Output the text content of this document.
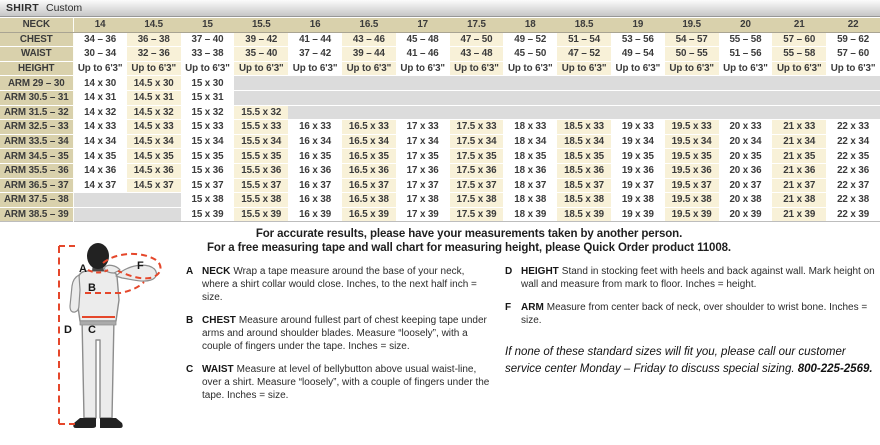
SHIRT Custom
NECK	14	14.5	15	15.5	16	16.5	17	17.5	18	18.5	19	19.5	20	21	22
CHEST	34 – 36	36 – 38	37 – 40	39 – 42	41 – 44	43 – 46	45 – 48	47 – 50	49 – 52	51 – 54	53 – 56	54 – 57	55 – 58	57 – 60	59 – 62
WAIST	30 – 34	32 – 36	33 – 38	35 – 40	37 – 42	39 – 44	41 – 46	43 – 48	45 – 50	47 – 52	49 – 54	50 – 55	51 – 56	55 – 58	57 – 60
HEIGHT	Up to 6'3"	Up to 6'3"	Up to 6'3"	Up to 6'3"	Up to 6'3"	Up to 6'3"	Up to 6'3"	Up to 6'3"	Up to 6'3"	Up to 6'3"	Up to 6'3"	Up to 6'3"	Up to 6'3"	Up to 6'3"	Up to 6'3"
ARM 29 – 30	14 x 30	14.5 x 30	15 x 30												
ARM 30.5 – 31	14 x 31	14.5 x 31	15 x 31												
ARM 31.5 – 32	14 x 32	14.5 x 32	15 x 32	15.5 x 32											
ARM 32.5 – 33	14 x 33	14.5 x 33	15 x 33	15.5 x 33	16 x 33	16.5 x 33	17 x 33	17.5 x 33	18 x 33	18.5 x 33	19 x 33	19.5 x 33	20 x 33	21 x 33	22 x 33
ARM 33.5 – 34	14 x 34	14.5 x 34	15 x 34	15.5 x 34	16 x 34	16.5 x 34	17 x 34	17.5 x 34	18 x 34	18.5 x 34	19 x 34	19.5 x 34	20 x 34	21 x 34	22 x 34
ARM 34.5 – 35	14 x 35	14.5 x 35	15 x 35	15.5 x 35	16 x 35	16.5 x 35	17 x 35	17.5 x 35	18 x 35	18.5 x 35	19 x 35	19.5 x 35	20 x 35	21 x 35	22 x 35
ARM 35.5 – 36	14 x 36	14.5 x 36	15 x 36	15.5 x 36	16 x 36	16.5 x 36	17 x 36	17.5 x 36	18 x 36	18.5 x 36	19 x 36	19.5 x 36	20 x 36	21 x 36	22 x 36
ARM 36.5 – 37	14 x 37	14.5 x 37	15 x 37	15.5 x 37	16 x 37	16.5 x 37	17 x 37	17.5 x 37	18 x 37	18.5 x 37	19 x 37	19.5 x 37	20 x 37	21 x 37	22 x 37
ARM 37.5 – 38			15 x 38	15.5 x 38	16 x 38	16.5 x 38	17 x 38	17.5 x 38	18 x 38	18.5 x 38	19 x 38	19.5 x 38	20 x 38	21 x 38	22 x 38
ARM 38.5 – 39			15 x 39	15.5 x 39	16 x 39	16.5 x 39	17 x 39	17.5 x 39	18 x 39	18.5 x 39	19 x 39	19.5 x 39	20 x 39	21 x 39	22 x 39
For accurate results, please have your measurements taken by another person.
For a free measuring tape and wall chart for measuring height, please Quick Order product 11008.
A
B
C
D
F	A NECK Wrap a tape measure around the base of your neck, where a shirt collar would close. Inches, to the next half inch = size.

B CHEST Measure around fullest part of chest keeping tape under arms and around shoulder blades. Measure “loosely”, with a couple of fingers under the tape. Inches = size.

C WAIST Measure at level of bellybutton above usual waist-line, over a shirt. Measure “loosely”, with a couple of fingers under the tape. Inches = size.

D HEIGHT Stand in stocking feet with heels and back against wall. Mark height on wall and measure from mark to floor. Inches = height.

F ARM Measure from center back of neck, over shoulder to wrist bone. Inches = size.

If none of these standard sizes will fit you, please call our customer service center Monday – Friday to discuss special sizing. 800-225-2569.
